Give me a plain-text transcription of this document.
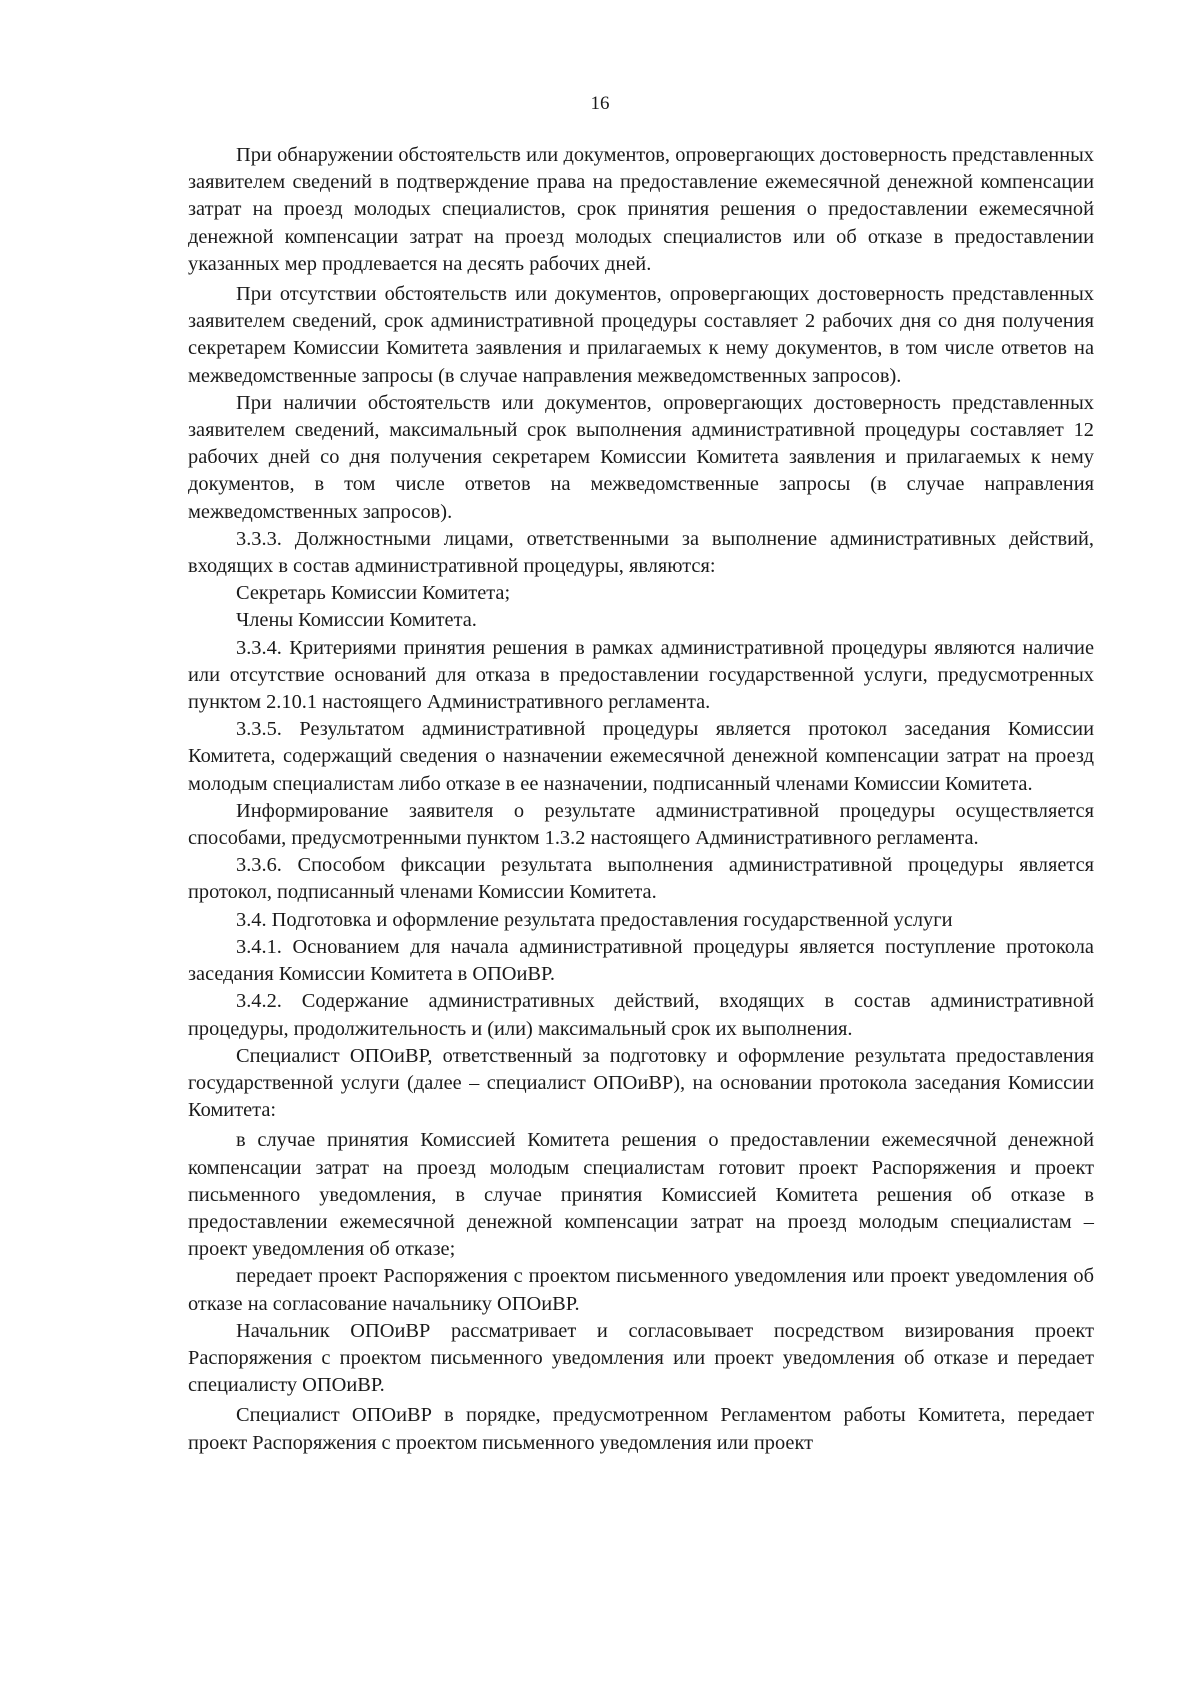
16

При обнаружении обстоятельств или документов, опровергающих достоверность представленных заявителем сведений в подтверждение права на предоставление ежемесячной денежной компенсации затрат на проезд молодых специалистов, срок принятия решения о предоставлении ежемесячной денежной компенсации затрат на проезд молодых специалистов или об отказе в предоставлении указанных мер продлевается на десять рабочих дней.

При отсутствии обстоятельств или документов, опровергающих достоверность представленных заявителем сведений, срок административной процедуры составляет 2 рабочих дня со дня получения секретарем Комиссии Комитета заявления и прилагаемых к нему документов, в том числе ответов на межведомственные запросы (в случае направления межведомственных запросов).

При наличии обстоятельств или документов, опровергающих достоверность представленных заявителем сведений, максимальный срок выполнения административной процедуры составляет 12 рабочих дней со дня получения секретарем Комиссии Комитета заявления и прилагаемых к нему документов, в том числе ответов на межведомственные запросы (в случае направления межведомственных запросов).

3.3.3. Должностными лицами, ответственными за выполнение административных действий, входящих в состав административной процедуры, являются:

Секретарь Комиссии Комитета;

Члены Комиссии Комитета.

3.3.4. Критериями принятия решения в рамках административной процедуры являются наличие или отсутствие оснований для отказа в предоставлении государственной услуги, предусмотренных пунктом 2.10.1 настоящего Административного регламента.

3.3.5. Результатом административной процедуры является протокол заседания Комиссии Комитета, содержащий сведения о назначении ежемесячной денежной компенсации затрат на проезд молодым специалистам либо отказе в ее назначении, подписанный членами Комиссии Комитета.

Информирование заявителя о результате административной процедуры осуществляется способами, предусмотренными пунктом 1.3.2 настоящего Административного регламента.

3.3.6. Способом фиксации результата выполнения административной процедуры является протокол, подписанный членами Комиссии Комитета.

3.4. Подготовка и оформление результата предоставления государственной услуги

3.4.1. Основанием для начала административной процедуры является поступление протокола заседания Комиссии Комитета в ОПОиВР.

3.4.2. Содержание административных действий, входящих в состав административной процедуры, продолжительность и (или) максимальный срок их выполнения.

Специалист ОПОиВР, ответственный за подготовку и оформление результата предоставления государственной услуги (далее – специалист ОПОиВР), на основании протокола заседания Комиссии Комитета:

в случае принятия Комиссией Комитета решения о предоставлении ежемесячной денежной компенсации затрат на проезд молодым специалистам готовит проект Распоряжения и проект письменного уведомления, в случае принятия Комиссией Комитета решения об отказе в предоставлении ежемесячной денежной компенсации затрат на проезд молодым специалистам – проект уведомления об отказе;

передает проект Распоряжения с проектом письменного уведомления или проект уведомления об отказе на согласование начальнику ОПОиВР.

Начальник ОПОиВР рассматривает и согласовывает посредством визирования проект Распоряжения с проектом письменного уведомления или проект уведомления об отказе и передает специалисту ОПОиВР.

Специалист ОПОиВР в порядке, предусмотренном Регламентом работы Комитета, передает проект Распоряжения с проектом письменного уведомления или проект
